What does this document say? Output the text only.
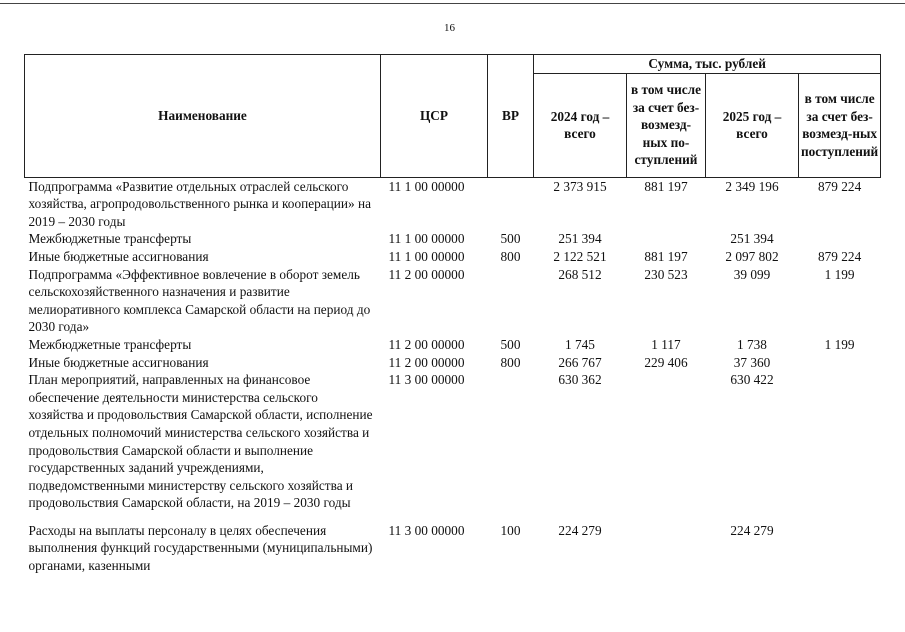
16
Наименование	ЦСР	ВР	Сумма, тыс. рублей			
			2024 год – всего	в том числе за счет без-возмезд-ных по-ступлений	2025 год – всего	в том числе за счет без-возмезд-ных поступлений
Подпрограмма «Развитие отдельных отраслей сельского хозяйства, агропродовольственного рынка и кооперации» на 2019 – 2030 годы	11 1 00 00000		2 373 915	881 197	2 349 196	879 224
Межбюджетные трансферты	11 1 00 00000	500	251 394		251 394	
Иные бюджетные ассигнования	11 1 00 00000	800	2 122 521	881 197	2 097 802	879 224
Подпрограмма «Эффективное вовлечение в оборот земель сельскохозяйственного назначения и развитие мелиоративного комплекса Самарской области на период до 2030 года»	11 2 00 00000		268 512	230 523	39 099	1 199
Межбюджетные трансферты	11 2 00 00000	500	1 745	1 117	1 738	1 199
Иные бюджетные ассигнования	11 2 00 00000	800	266 767	229 406	37 360	
План мероприятий, направленных на финансовое обеспечение деятельности министерства сельского хозяйства и продовольствия Самарской области, исполнение отдельных полномочий министерства сельского хозяйства и продовольствия Самарской области и выполнение государственных заданий учреждениями, подведомственными министерству сельского хозяйства и продовольствия Самарской области, на 2019 – 2030 годы	11 3 00 00000		630 362		630 422	

Расходы на выплаты персоналу в целях обеспечения выполнения функций государственными (муниципальными) органами, казенными	11 3 00 00000	100	224 279		224 279	
